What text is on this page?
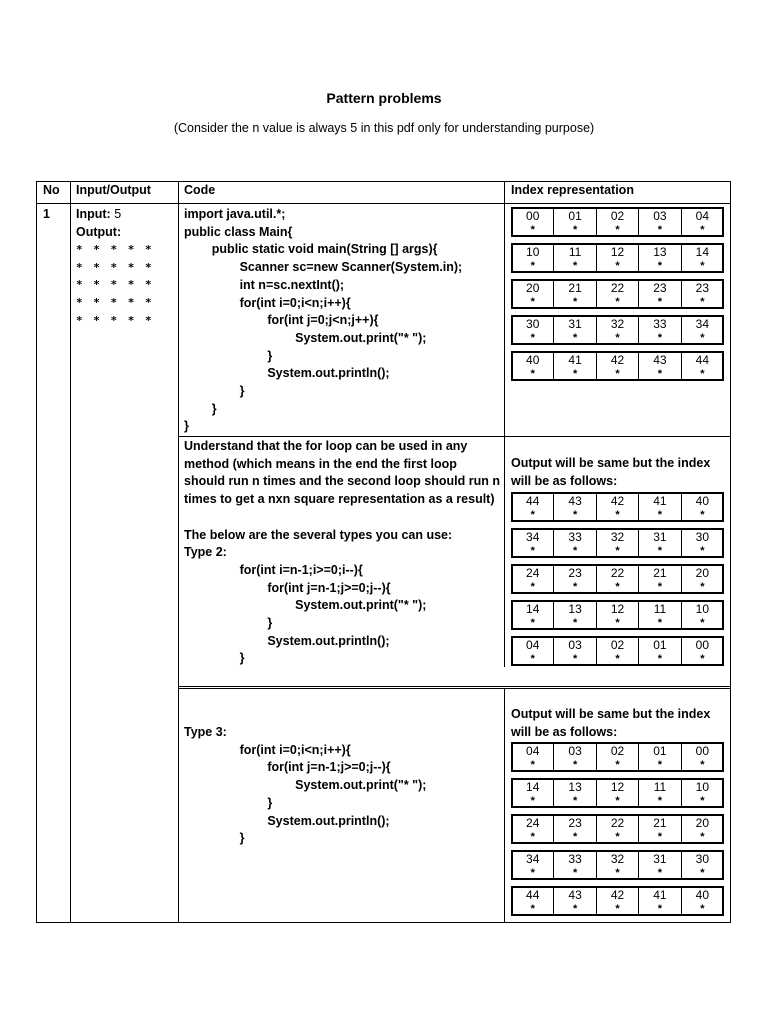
Pattern problems
(Consider the n value is always 5 in this pdf only for understanding purpose)
No Input/Output	Code	Index representation
1 Input: 5
Output:
* * * * *
* * * * *
* * * * *
* * * * *
* * * * *
import java.util.*;
public class Main{
public static void main(String [] args){
Scanner sc=new Scanner(System.in);
int n=sc.nextInt();
for(int i=0;i<n;i++){
for(int j=0;j<n;j++){
System.out.print("* ");
}
System.out.println();
}
}
}
Understand that the for loop can be used in any
method (which means in the end the first loop
should run n times and the second loop should run n
times to get a nxn square representation as a result)

The below are the several types you can use:
Type 2:
for(int i=n-1;i>=0;i--){
for(int j=n-1;j>=0;j--){
System.out.print("* ");
}
System.out.println();
}
Type 3:
for(int i=0;i<n;i++){
for(int j=n-1;j>=0;j--){
System.out.print("* ");
}
System.out.println();
}
Output will be same but the index
will be as follows:
Output will be same but the index
will be as follows:
00
*
01
*
02
*
03
*
04
*
10
*
11
*
12
*
13
*
14
*
20
*
21
*
22
*
23
*
23
*
30
*
31
*
32
*
33
*
34
*
40
*
41
*
42
*
43
*
44
*
44
*
43
*
42
*
41
*
40
*
34
*
33
*
32
*
31
*
30
*
24
*
23
*
22
*
21
*
20
*
14
*
13
*
12
*
11
*
10
*
04
*
03
*
02
*
01
*
00
*
04
*
03
*
02
*
01
*
00
*
14
*
13
*
12
*
11
*
10
*
24
*
23
*
22
*
21
*
20
*
34
*
33
*
32
*
31
*
30
*
44
*
43
*
42
*
41
*
40
*
